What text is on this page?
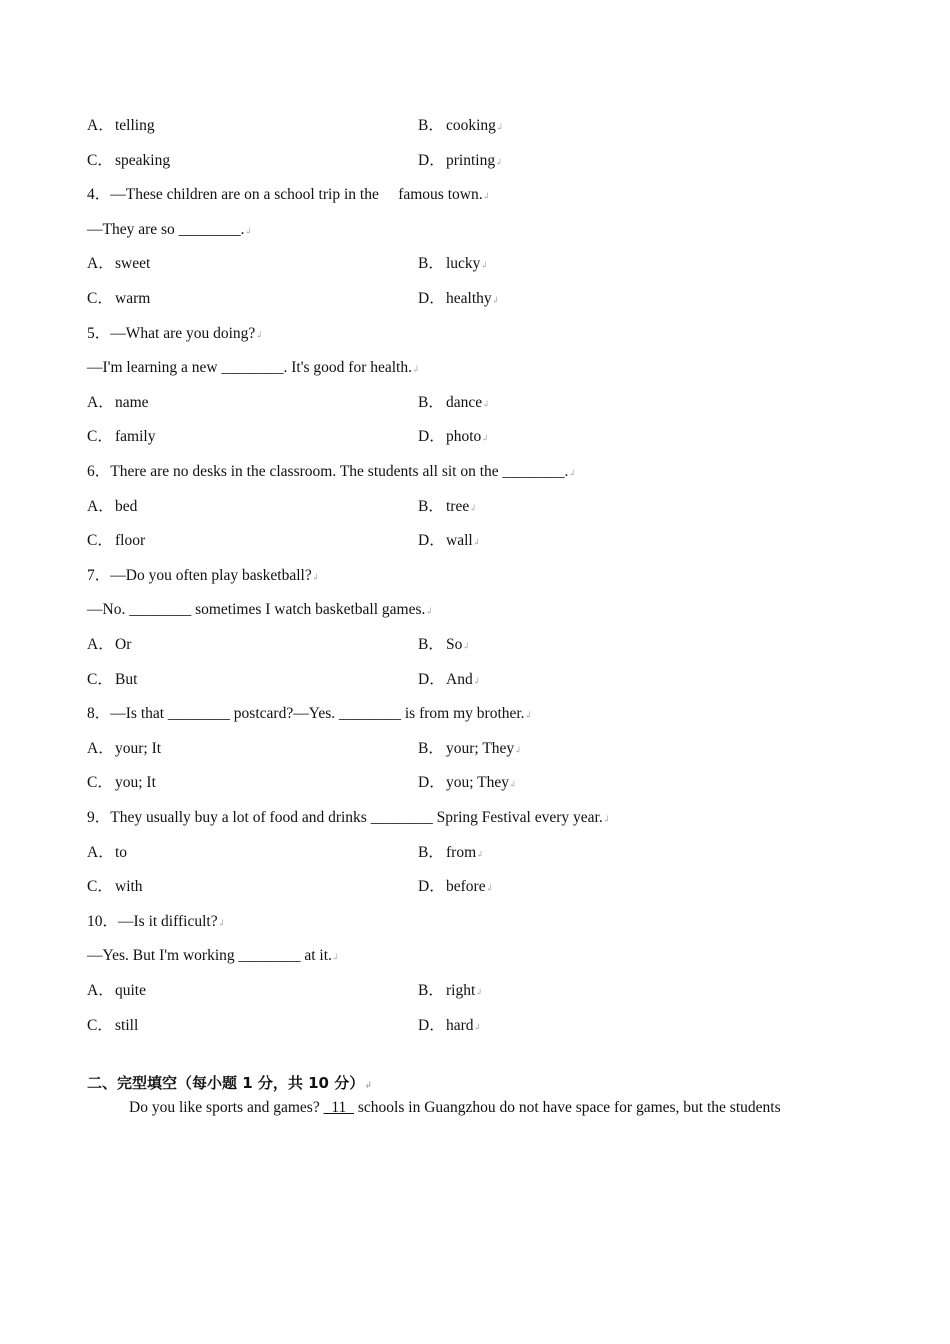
A．telling	B． cooking↲
C． speaking	D．printing↲
4．—These children are on a school trip in the     famous town.↲
—They are so ________.↲
A．sweet	B． lucky↲
C． warm	D．healthy↲
5．—What are you doing?↲
—I'm learning a new ________. It's good for health.↲
A．name	B． dance↲
C． family	D．photo↲
6．There are no desks in the classroom. The students all sit on the ________.↲
A．bed	B． tree↲
C． floor	D．wall↲
7．—Do you often play basketball?↲
—No. ________ sometimes I watch basketball games.↲
A．Or	B． So↲
C． But	D．And↲
8．—Is that ________ postcard?—Yes. ________ is from my brother.↲
A．your; It	B． your; They↲
C． you; It	D．you; They↲
9．They usually buy a lot of food and drinks ________ Spring Festival every year.↲
A．to	B． from↲
C． with	D．before↲
10．—Is it difficult?↲
—Yes. But I'm working ________ at it.↲
A．quite	B． right↲
C． still	D．hard↲
二、完型填空（每小题 1 分，共 10 分）↲
Do you like sports and games?   11   schools in Guangzhou do not have space for games, but the students
